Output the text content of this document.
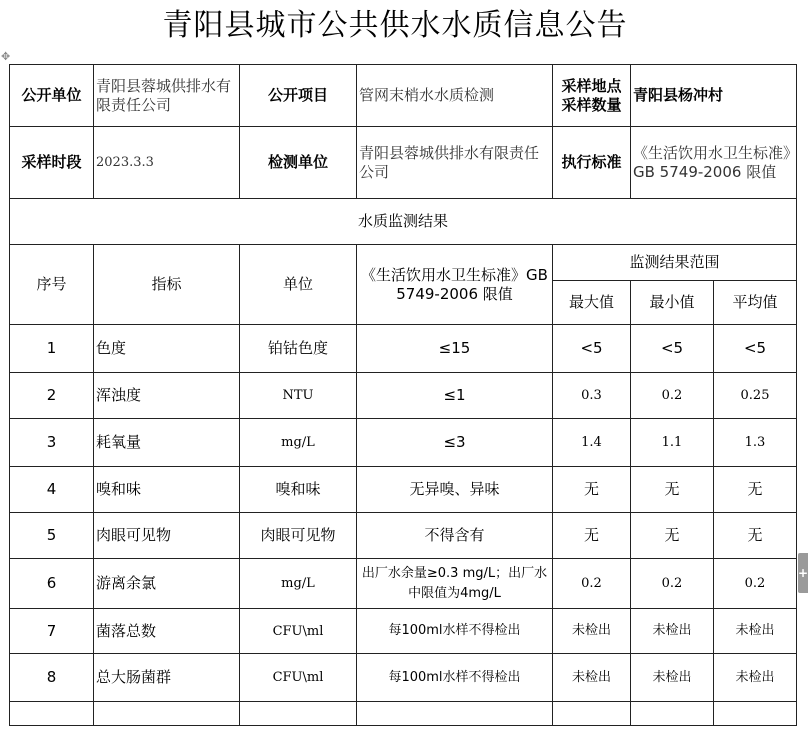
青阳县城市公共供水水质信息公告
✥
公开单位	青阳县蓉城供排水有限责任公司	公开项目	管网末梢水水质检测	采样地点采样数量	青阳县杨冲村	
采样时段	2023.3.3	检测单位	青阳县蓉城供排水有限责任公司	执行标准	《生活饮用水卫生标准》GB 5749-2006 限值	
水质监测结果						
序号	指标	单位	《生活饮用水卫生标准》GB 5749-2006 限值	监测结果范围		
				最大值	最小值	平均值
1	色度	铂钴色度	≤15	<5	<5	<5
2	浑浊度	NTU	≤1	0.3	0.2	0.25
3	耗氧量	mg/L	≤3	1.4	1.1	1.3
4	嗅和味	嗅和味	无异嗅、异味	无	无	无
5	肉眼可见物	肉眼可见物	不得含有	无	无	无
6	游离余氯	mg/L	出厂水余量≥0.3 mg/L；出厂水中限值为4mg/L	0.2	0.2	0.2
7	菌落总数	CFU\ml	每100ml水样不得检出	未检出	未检出	未检出
8	总大肠菌群	CFU\ml	每100ml水样不得检出	未检出	未检出	未检出

+
